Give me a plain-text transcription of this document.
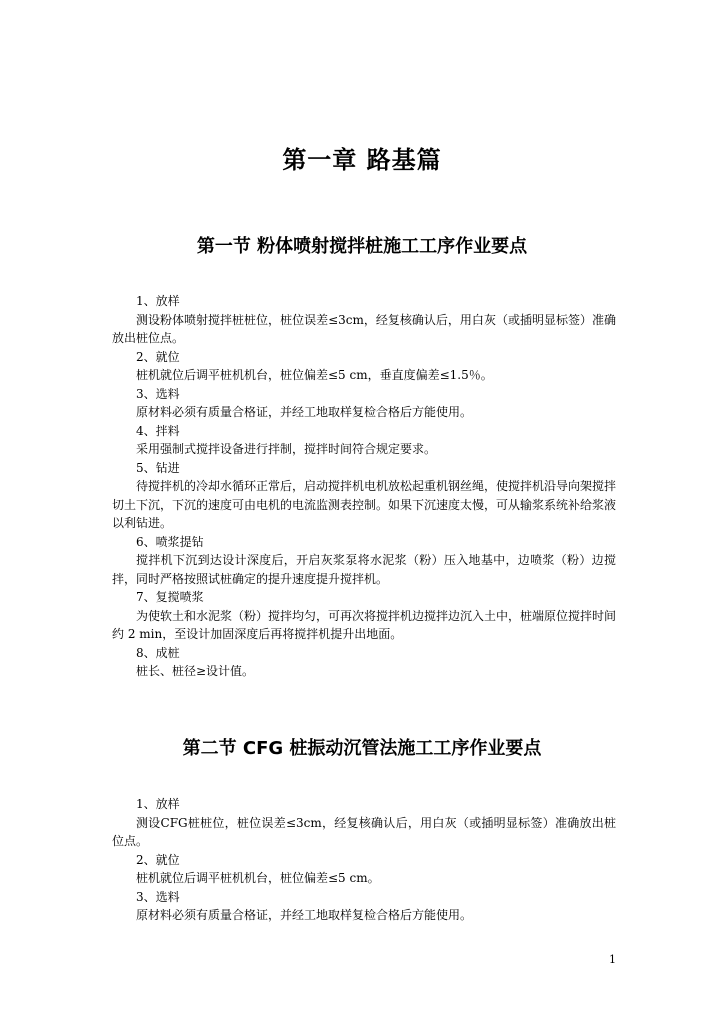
第一章 路基篇
第一节 粉体喷射搅拌桩施工工序作业要点

1、放样

测设粉体喷射搅拌桩桩位，桩位误差≤3cm，经复核确认后，用白灰（或插明显标签）准确放出桩位点。

2、就位

桩机就位后调平桩机机台，桩位偏差≤5 cm，垂直度偏差≤1.5％。

3、选料

原材料必须有质量合格证，并经工地取样复检合格后方能使用。

4、拌料

采用强制式搅拌设备进行拌制，搅拌时间符合规定要求。

5、钻进

待搅拌机的冷却水循环正常后，启动搅拌机电机放松起重机钢丝绳，使搅拌机沿导向架搅拌切土下沉，下沉的速度可由电机的电流监测表控制。如果下沉速度太慢，可从输浆系统补给浆液以利钻进。

6、喷浆提钻

搅拌机下沉到达设计深度后，开启灰浆泵将水泥浆（粉）压入地基中，边喷浆（粉）边搅拌，同时严格按照试桩确定的提升速度提升搅拌机。

7、复搅喷浆

为使软土和水泥浆（粉）搅拌均匀，可再次将搅拌机边搅拌边沉入土中，桩端原位搅拌时间约 2 min，至设计加固深度后再将搅拌机提升出地面。

8、成桩

桩长、桩径≥设计值。

第二节 CFG 桩振动沉管法施工工序作业要点

1、放样

测设CFG桩桩位，桩位误差≤3cm，经复核确认后，用白灰（或插明显标签）准确放出桩位点。

2、就位

桩机就位后调平桩机机台，桩位偏差≤5 cm。

3、选料

原材料必须有质量合格证，并经工地取样复检合格后方能使用。

1
